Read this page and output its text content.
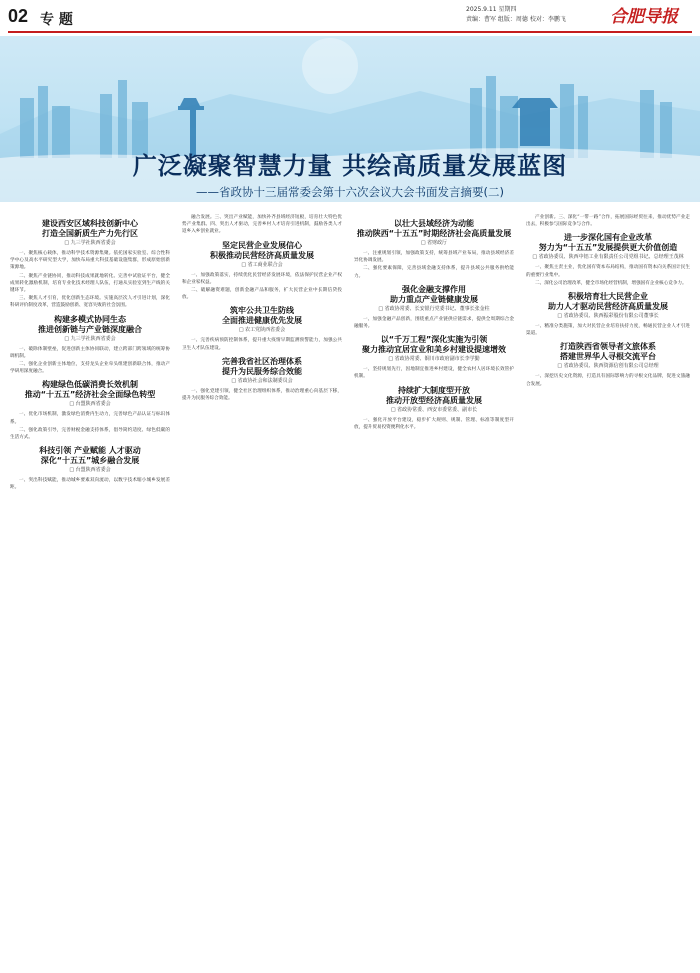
02 专 题
2025.9.11 星期四
责编：曹军 组版：周德 校对：李鹏飞	合肥导报
广泛凝聚智慧力量 共绘高质量发展蓝图
——省政协十三届常委会第十六次会议大会书面发言摘要(二)
建设西安区域科技创新中心
打造全国新质生产力先行区
□ 九三学社陕西省委会

一、聚焦核心载体，推动科学技术资源集聚。依托国家实验室、综合性科学中心及高水平研究型大学，加快布局重大科技基础设施集群，形成原始创新策源地。

二、聚焦产业链协同，推动科技成果就地转化。完善中试验证平台，健全成果转化激励机制，培育专业化技术经理人队伍，打通从实验室到生产线的关键环节。

三、聚焦人才引育，优化创新生态环境。实施高层次人才引进计划，深化科研评价制度改革，营造鼓励创新、宽容失败的社会氛围。

构建多模式协同生态
推进创新链与产业链深度融合
□ 九三学社陕西省委会

一、破除体制壁垒，促进创新主体协同联动，建立跨部门跨领域的统筹协调机制。

二、强化企业创新主体地位，支持龙头企业牵头组建创新联合体，推动产学研用深度融合。

构建绿色低碳消费长效机制
推动“十五五”经济社会全面绿色转型
□ 台盟陕西省委会

一、优化市场机制，激发绿色消费内生动力，完善绿色产品认证与标识体系。

二、强化政策引导，完善财税金融支持体系，倡导简约适度、绿色低碳的生活方式。

科技引领 产业赋能 人才驱动
深化“十五五”城乡融合发展
□ 台盟陕西省委会

一、突出科技赋能，推动城乡要素双向流动，以数字技术缩小城乡发展差距。

融合发展。三、突出产业赋能，加快补齐县域经济短板，培育壮大特色优势产业集群。四、突出人才驱动，完善乡村人才培育引进机制，鼓励各类人才返乡入乡创业就业。

坚定民营企业发展信心
积极推动民营经济高质量发展
□ 省工商业联合会

一、加强政策落实，持续优化民营经济发展环境，依法保护民营企业产权和企业家权益。

二、破解融资难题，创新金融产品和服务，扩大民营企业中长期信贷投放。

筑牢公共卫生防线
全面推进健康优先发展
□ 农工党陕西省委会

一、完善疾病预防控制体系，提升重大疫情早期监测预警能力，加强公共卫生人才队伍建设。

完善我省社区治理体系
提升为民服务综合效能
□ 省政协社会和法制委员会

一、强化党建引领，健全社区治理组织体系，推动治理重心向基层下移，提升为民服务综合效能。

以壮大县域经济为动能
推动陕西“十五五”时期经济社会高质量发展
□ 省财政厅

一、注重规划引领，加强政策支持，统筹县域产业布局，推动县域经济差异化协调发展。

二、强化要素保障，完善县域金融支持体系，提升县域公共服务供给能力。

强化金融支撑作用
助力重点产业链健康发展
□ 省政协常委、长安银行党委书记、董事长张金柱

一、加强金融产品创新，围绕重点产业链供应链需求，提供全周期综合金融服务。

以“千万工程”深化实施为引领
聚力推动宜居宜业和美乡村建设提速增效
□ 省政协常委、铜川市政府副市长李学勤

一、坚持规划先行，因地制宜推进乡村建设，健全农村人居环境长效管护机制。

持续扩大制度型开放
推动开放型经济高质量发展
□ 省政协常委、西安市委常委、副市长

一、强化开放平台建设，稳步扩大规则、规制、管理、标准等制度型开放，提升贸易投资便利化水平。

产业创新。三、深化“一带一路”合作，拓展国际经贸往来，推动优势产业走出去，积极参与国际竞争与合作。

进一步深化国有企业改革
努力为“十五五”发展提供更大价值创造
□ 省政协委员、陕西中铝工业有限责任公司党组书记、总经理王茂林

一、聚焦主责主业，优化国有资本布局结构，推动国有资本向关系国计民生的重要行业集中。

二、深化公司治理改革，健全市场化经营机制，增强国有企业核心竞争力。

积极培育壮大民营企业
助力人才驱动民营经济高质量发展
□ 省政协委员、陕西振彩股份有限公司董事长

一、精准分类施策，加大对民营企业培育扶持力度，畅通民营企业人才引进渠道。

打造陕西省领导者文旅体系
搭建世界华人寻根交流平台
□ 省政协委员、陕西资源信创有限公司总经理

一、深挖历史文化资源，打造具有国际影响力的寻根文化品牌，促进文旅融合发展。
